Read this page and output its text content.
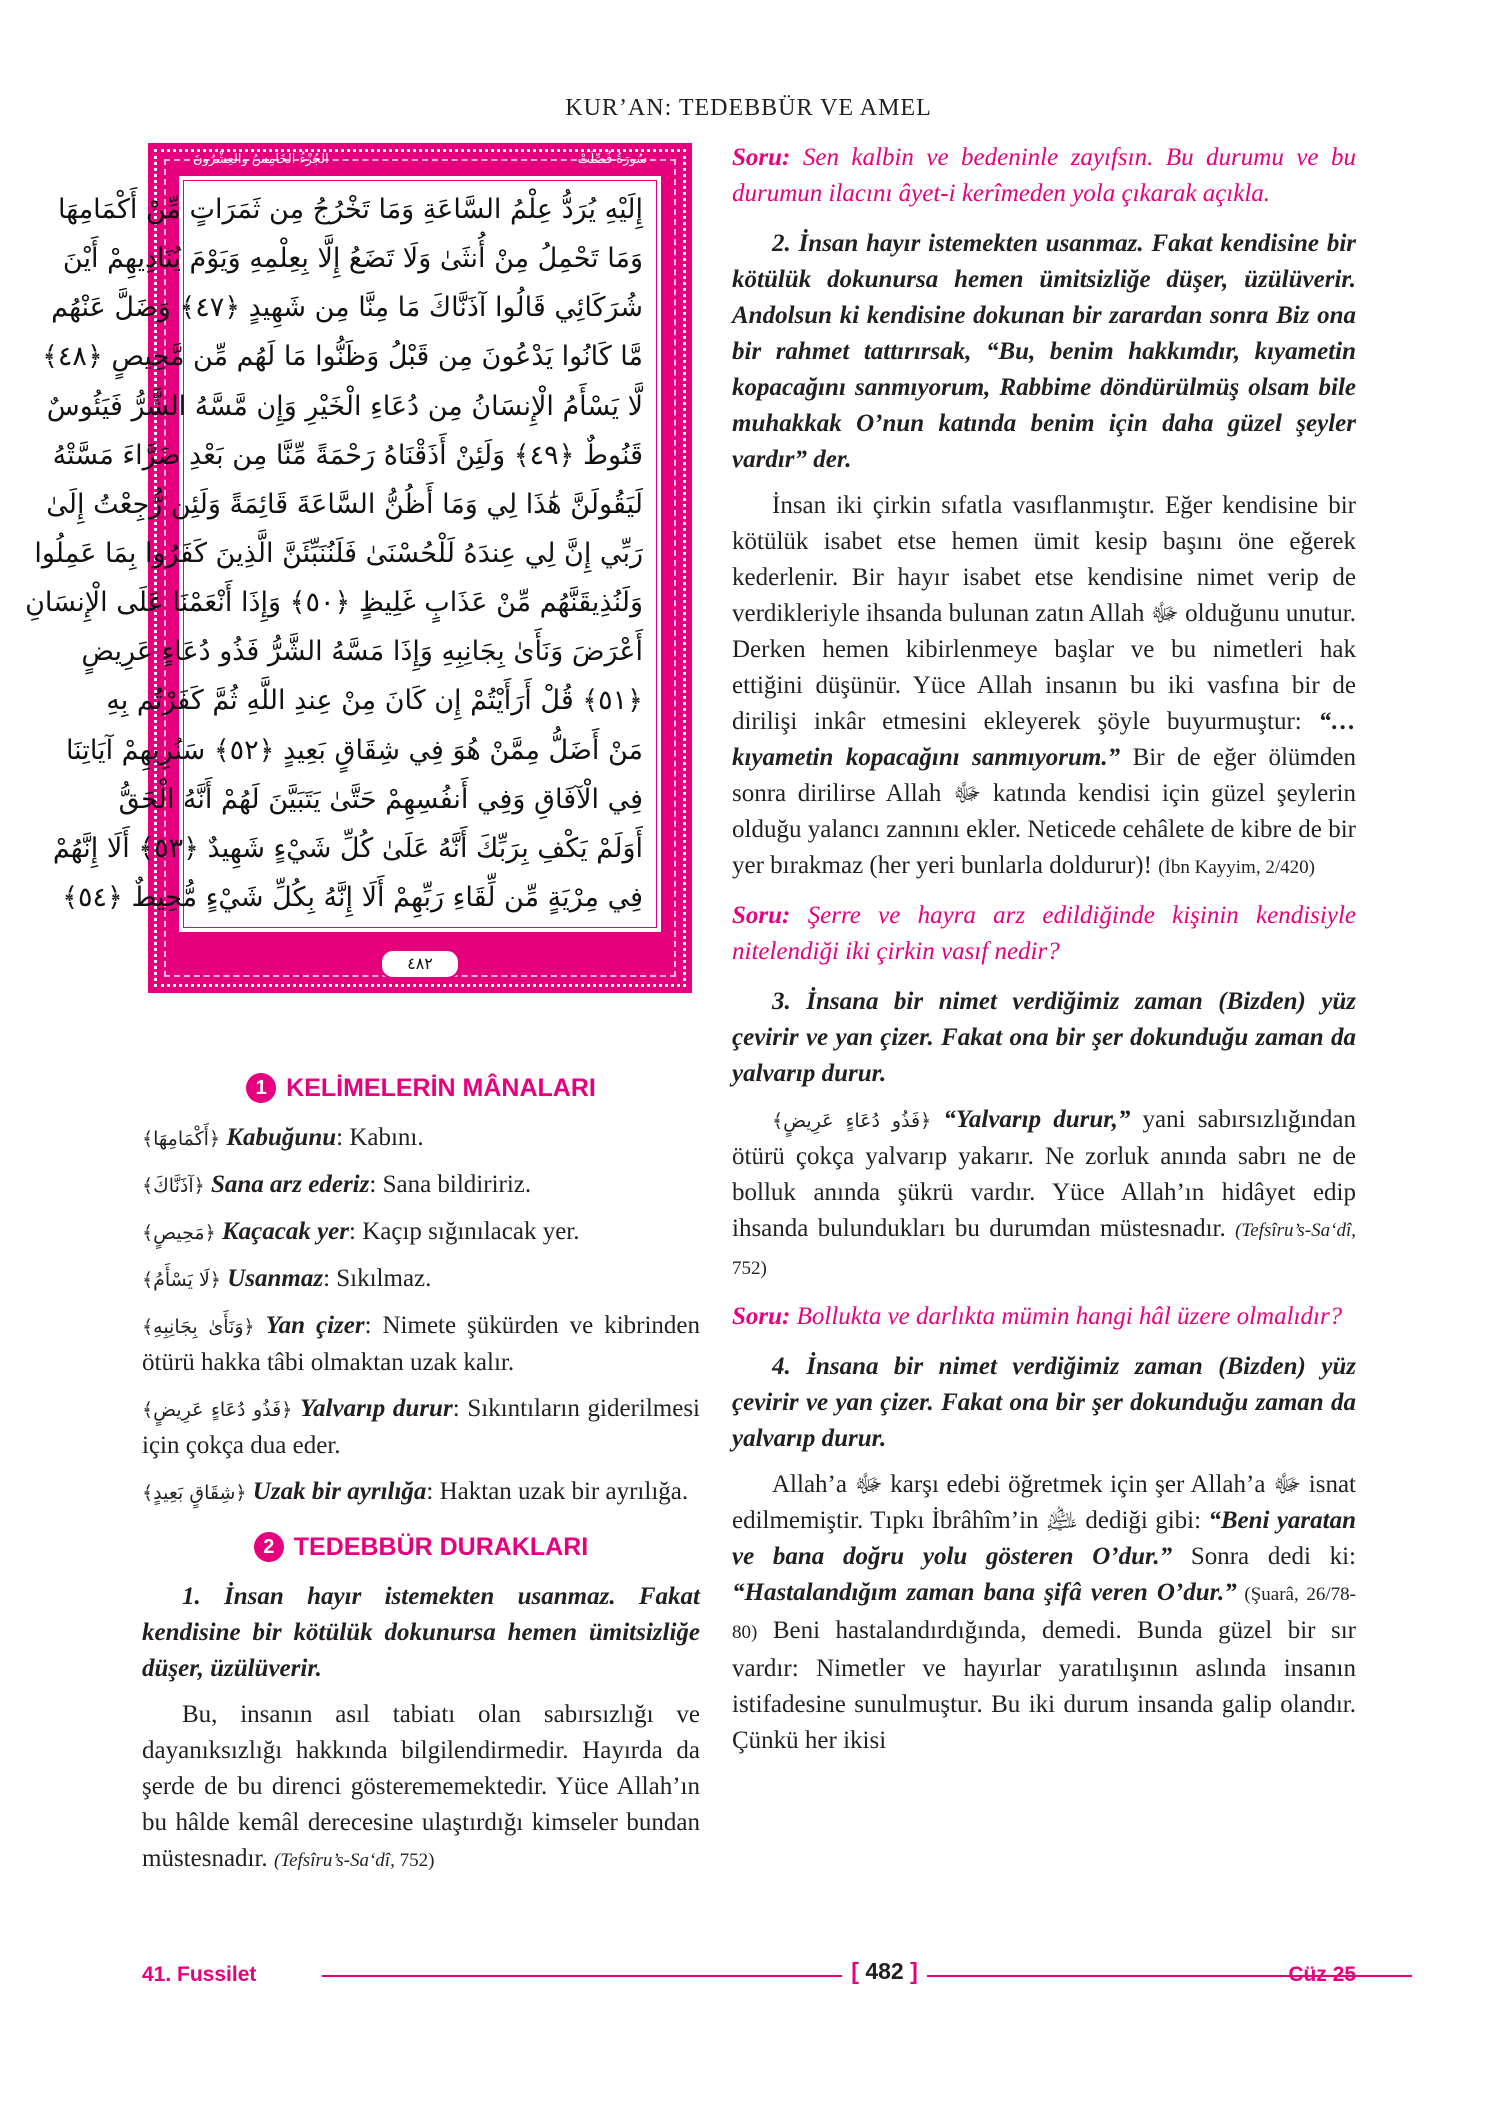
KUR’AN: TEDEBBÜR VE AMEL
سُورَةُ فُصِّلَتْ
الجُزْءُ الخَامِسُ والعِشْرُونَ
إِلَيْهِ يُرَدُّ عِلْمُ السَّاعَةِ وَمَا تَخْرُجُ مِن ثَمَرَاتٍ مِّنْ أَكْمَامِهَا
وَمَا تَحْمِلُ مِنْ أُنثَىٰ وَلَا تَضَعُ إِلَّا بِعِلْمِهِ وَيَوْمَ يُنَادِيهِمْ أَيْنَ
شُرَكَائِي قَالُوا آذَنَّاكَ مَا مِنَّا مِن شَهِيدٍ ﴿٤٧﴾ وَضَلَّ عَنْهُم
مَّا كَانُوا يَدْعُونَ مِن قَبْلُ وَظَنُّوا مَا لَهُم مِّن مَّحِيصٍ ﴿٤٨﴾
لَّا يَسْأَمُ الْإِنسَانُ مِن دُعَاءِ الْخَيْرِ وَإِن مَّسَّهُ الشَّرُّ فَيَئُوسٌ
قَنُوطٌ ﴿٤٩﴾ وَلَئِنْ أَذَقْنَاهُ رَحْمَةً مِّنَّا مِن بَعْدِ ضَرَّاءَ مَسَّتْهُ
لَيَقُولَنَّ هَٰذَا لِي وَمَا أَظُنُّ السَّاعَةَ قَائِمَةً وَلَئِن رُّجِعْتُ إِلَىٰ
رَبِّي إِنَّ لِي عِندَهُ لَلْحُسْنَىٰ فَلَنُنَبِّئَنَّ الَّذِينَ كَفَرُوا بِمَا عَمِلُوا
وَلَنُذِيقَنَّهُم مِّنْ عَذَابٍ غَلِيظٍ ﴿٥٠﴾ وَإِذَا أَنْعَمْنَا عَلَى الْإِنسَانِ
أَعْرَضَ وَنَأَىٰ بِجَانِبِهِ وَإِذَا مَسَّهُ الشَّرُّ فَذُو دُعَاءٍ عَرِيضٍ
﴿٥١﴾ قُلْ أَرَأَيْتُمْ إِن كَانَ مِنْ عِندِ اللَّهِ ثُمَّ كَفَرْتُم بِهِ
مَنْ أَضَلُّ مِمَّنْ هُوَ فِي شِقَاقٍ بَعِيدٍ ﴿٥٢﴾ سَنُرِيهِمْ آيَاتِنَا
فِي الْآفَاقِ وَفِي أَنفُسِهِمْ حَتَّىٰ يَتَبَيَّنَ لَهُمْ أَنَّهُ الْحَقُّ
أَوَلَمْ يَكْفِ بِرَبِّكَ أَنَّهُ عَلَىٰ كُلِّ شَيْءٍ شَهِيدٌ ﴿٥٣﴾ أَلَا إِنَّهُمْ
فِي مِرْيَةٍ مِّن لِّقَاءِ رَبِّهِمْ أَلَا إِنَّهُ بِكُلِّ شَيْءٍ مُّحِيطٌ ﴿٥٤﴾
٤٨٢
1 KELİMELERİN MÂNALARI

﴿أَكْمَامِهَا﴾ Kabuğunu: Kabını.

﴿آذَنَّاكَ﴾ Sana arz ederiz: Sana bildiririz.

﴿مَحِيصٍ﴾ Kaçacak yer: Kaçıp sığınılacak yer.

﴿لَا يَسْأَمُ﴾ Usanmaz: Sıkılmaz.

﴿وَنَأَىٰ بِجَانِبِهِ﴾ Yan çizer: Nimete şükürden ve kibrinden ötürü hakka tâbi olmaktan uzak kalır.

﴿فَذُو دُعَاءٍ عَرِيضٍ﴾ Yalvarıp durur: Sıkıntıların giderilmesi için çokça dua eder.

﴿شِقَاقٍ بَعِيدٍ﴾ Uzak bir ayrılığa: Haktan uzak bir ayrılığa.

2 TEDEBBÜR DURAKLARI

1. İnsan hayır istemekten usanmaz. Fakat kendisine bir kötülük dokunursa hemen ümitsizliğe düşer, üzülüverir.

Bu, insanın asıl tabiatı olan sabırsızlığı ve dayanıksızlığı hakkında bilgilendirmedir. Hayırda da şerde de bu direnci gösterememektedir. Yüce Allah’ın bu hâlde kemâl derecesine ulaştırdığı kimseler bundan müstesnadır. (Tefsîru’s-Sa‘dî, 752)

Soru: Sen kalbin ve bedeninle zayıfsın. Bu durumu ve bu durumun ilacını âyet-i kerîmeden yola çıkarak açıkla.

2. İnsan hayır istemekten usanmaz. Fakat kendisine bir kötülük dokunursa hemen ümitsizliğe düşer, üzülüverir. Andolsun ki kendisine dokunan bir zarardan sonra Biz ona bir rahmet tattırırsak, “Bu, benim hakkımdır, kıyametin kopacağını sanmıyorum, Rabbime döndürülmüş olsam bile muhakkak O’nun katında benim için daha güzel şeyler vardır” der.

İnsan iki çirkin sıfatla vasıflanmıştır. Eğer kendisine bir kötülük isabet etse hemen ümit kesip başını öne eğerek kederlenir. Bir hayır isabet etse kendisine nimet verip de verdikleriyle ihsanda bulunan zatın Allah ﷻ olduğunu unutur. Derken hemen kibirlenmeye başlar ve bu nimetleri hak ettiğini düşünür. Yüce Allah insanın bu iki vasfına bir de dirilişi inkâr etmesini ekleyerek şöyle buyurmuştur: “…kıyametin kopacağını sanmıyorum.” Bir de eğer ölümden sonra dirilirse Allah ﷻ katında kendisi için güzel şeylerin olduğu yalancı zannını ekler. Neticede cehâlete de kibre de bir yer bırakmaz (her yeri bunlarla doldurur)! (İbn Kayyim, 2/420)

Soru: Şerre ve hayra arz edildiğinde kişinin kendisiyle nitelendiği iki çirkin vasıf nedir?

3. İnsana bir nimet verdiğimiz zaman (Bizden) yüz çevirir ve yan çizer. Fakat ona bir şer dokunduğu zaman da yalvarıp durur.

﴿فَذُو دُعَاءٍ عَرِيضٍ﴾ “Yalvarıp durur,” yani sabırsızlığından ötürü çokça yalvarıp yakarır. Ne zorluk anında sabrı ne de bolluk anında şükrü vardır. Yüce Allah’ın hidâyet edip ihsanda bulundukları bu durumdan müstesnadır. (Tefsîru’s-Sa‘dî, 752)

Soru: Bollukta ve darlıkta mümin hangi hâl üzere olmalıdır?

4. İnsana bir nimet verdiğimiz zaman (Bizden) yüz çevirir ve yan çizer. Fakat ona bir şer dokunduğu zaman da yalvarıp durur.

Allah’a ﷻ karşı edebi öğretmek için şer Allah’a ﷻ isnat edilmemiştir. Tıpkı İbrâhîm’in ﵇ dediği gibi: “Beni yaratan ve bana doğru yolu gösteren O’dur.” Sonra dedi ki: “Hastalandığım zaman bana şifâ veren O’dur.” (Şuarâ, 26/78-80) Beni hastalandırdığında, demedi. Bunda güzel bir sır vardır: Nimetler ve hayırlar yaratılışının aslında insanın istifadesine sunulmuştur. Bu iki durum insanda galip olandır. Çünkü her ikisi

41. Fussilet	[ 482 ]	Cüz 25
